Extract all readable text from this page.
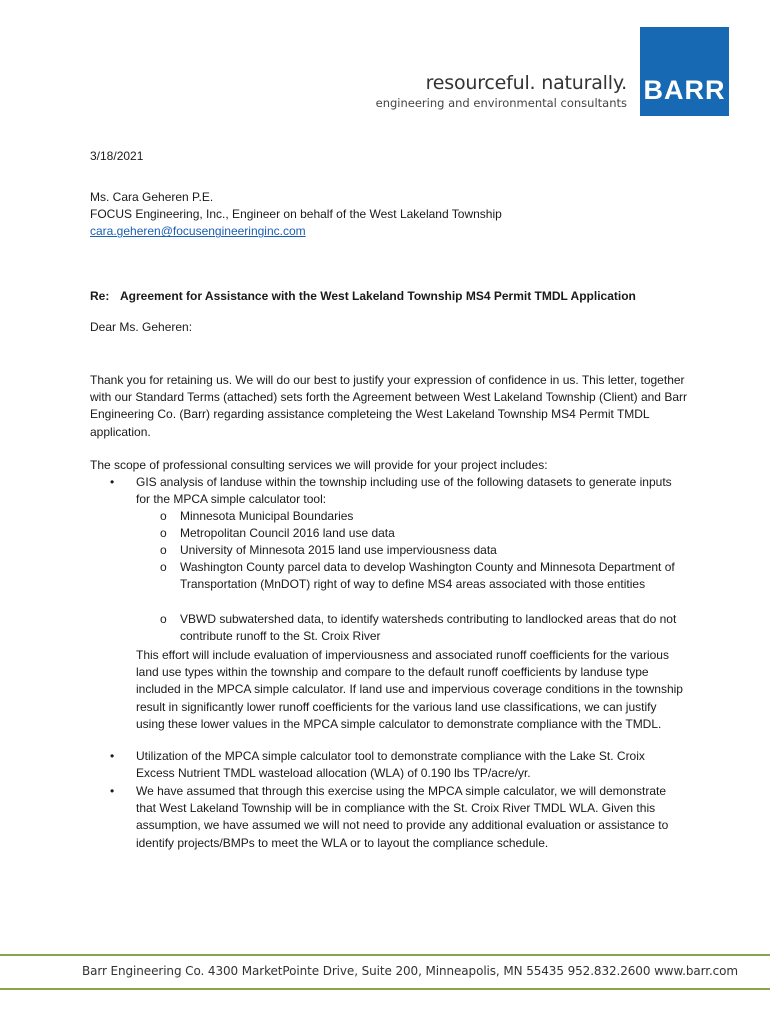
resourceful. naturally.
engineering and environmental consultants BARR
3/18/2021
Ms. Cara Geheren P.E.
FOCUS Engineering, Inc., Engineer on behalf of the West Lakeland Township
cara.geheren@focusengineeringinc.com
Re: Agreement for Assistance with the West Lakeland Township MS4 Permit TMDL Application
Dear Ms. Geheren:
Thank you for retaining us. We will do our best to justify your expression of confidence in us. This letter, together with our Standard Terms (attached) sets forth the Agreement between West Lakeland Township (Client) and Barr Engineering Co. (Barr) regarding assistance completeing the West Lakeland Township MS4 Permit TMDL application.
The scope of professional consulting services we will provide for your project includes:
• GIS analysis of landuse within the township including use of the following datasets to generate inputs for the MPCA simple calculator tool:
o Minnesota Municipal Boundaries
o Metropolitan Council 2016 land use data
o University of Minnesota 2015 land use imperviousness data
o Washington County parcel data to develop Washington County and Minnesota Department of Transportation (MnDOT) right of way to define MS4 areas associated with those entities
o VBWD subwatershed data, to identify watersheds contributing to landlocked areas that do not contribute runoff to the St. Croix River
This effort will include evaluation of imperviousness and associated runoff coefficients for the various land use types within the township and compare to the default runoff coefficients by landuse type included in the MPCA simple calculator. If land use and impervious coverage conditions in the township result in significantly lower runoff coefficients for the various land use classifications, we can justify using these lower values in the MPCA simple calculator to demonstrate compliance with the TMDL.
• Utilization of the MPCA simple calculator tool to demonstrate compliance with the Lake St. Croix Excess Nutrient TMDL wasteload allocation (WLA) of 0.190 lbs TP/acre/yr.
• We have assumed that through this exercise using the MPCA simple calculator, we will demonstrate that West Lakeland Township will be in compliance with the St. Croix River TMDL WLA. Given this assumption, we have assumed we will not need to provide any additional evaluation or assistance to identify projects/BMPs to meet the WLA or to layout the compliance schedule.
Barr Engineering Co. 4300 MarketPointe Drive, Suite 200, Minneapolis, MN 55435 952.832.2600 www.barr.com
